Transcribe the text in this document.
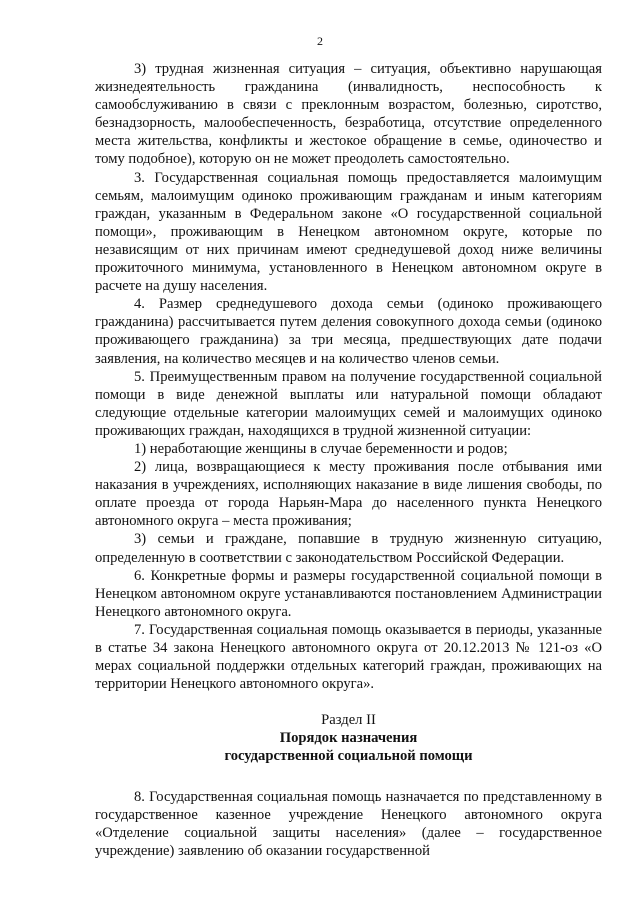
2

3) трудная жизненная ситуация – ситуация, объективно нарушающая жизнедеятельность гражданина (инвалидность, неспособность к самообслуживанию в связи с преклонным возрастом, болезнью, сиротство, безнадзорность, малообеспеченность, безработица, отсутствие определенного места жительства, конфликты и жестокое обращение в семье, одиночество и тому подобное), которую он не может преодолеть самостоятельно.

3. Государственная социальная помощь предоставляется малоимущим семьям, малоимущим одиноко проживающим гражданам и иным категориям граждан, указанным в Федеральном законе «О государственной социальной помощи», проживающим в Ненецком автономном округе, которые по независящим от них причинам имеют среднедушевой доход ниже величины прожиточного минимума, установленного в Ненецком автономном округе в расчете на душу населения.

4. Размер среднедушевого дохода семьи (одиноко проживающего гражданина) рассчитывается путем деления совокупного дохода семьи (одиноко проживающего гражданина) за три месяца, предшествующих дате подачи заявления, на количество месяцев и на количество членов семьи.

5. Преимущественным правом на получение государственной социальной помощи в виде денежной выплаты или натуральной помощи обладают следующие отдельные категории малоимущих семей и малоимущих одиноко проживающих граждан, находящихся в трудной жизненной ситуации:

1) неработающие женщины в случае беременности и родов;

2) лица, возвращающиеся к месту проживания после отбывания ими наказания в учреждениях, исполняющих наказание в виде лишения свободы, по оплате проезда от города Нарьян-Мара до населенного пункта Ненецкого автономного округа – места проживания;

3) семьи и граждане, попавшие в трудную жизненную ситуацию, определенную в соответствии с законодательством Российской Федерации.

6. Конкретные формы и размеры государственной социальной помощи в Ненецком автономном округе устанавливаются постановлением Администрации Ненецкого автономного округа.

7. Государственная социальная помощь оказывается в периоды, указанные в статье 34 закона Ненецкого автономного округа от 20.12.2013 № 121-оз «О мерах социальной поддержки отдельных категорий граждан, проживающих на территории Ненецкого автономного округа».

Раздел II

Порядок назначения

государственной социальной помощи

8. Государственная социальная помощь назначается по представленному в государственное казенное учреждение Ненецкого автономного округа «Отделение социальной защиты населения» (далее – государственное учреждение) заявлению об оказании государственной
